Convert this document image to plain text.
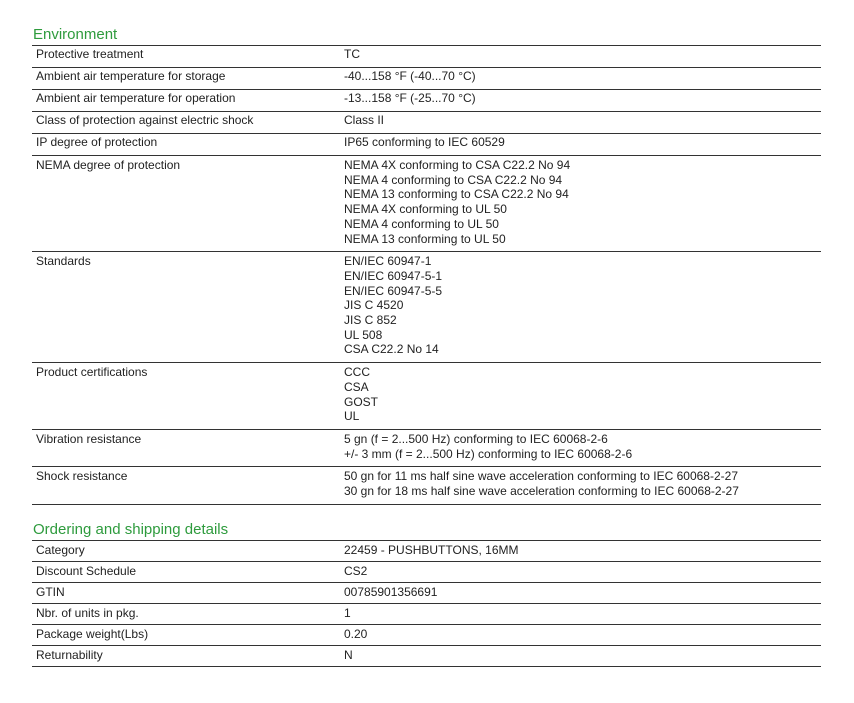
Environment
Protective treatment	TC
Ambient air temperature for storage	-40...158 °F (-40...70 °C)
Ambient air temperature for operation	-13...158 °F (-25...70 °C)
Class of protection against electric shock	Class II
IP degree of protection	IP65 conforming to IEC 60529
NEMA degree of protection	NEMA 4X conforming to CSA C22.2 No 94
NEMA 4 conforming to CSA C22.2 No 94
NEMA 13 conforming to CSA C22.2 No 94
NEMA 4X conforming to UL 50
NEMA 4 conforming to UL 50
NEMA 13 conforming to UL 50
Standards	EN/IEC 60947-1
EN/IEC 60947-5-1
EN/IEC 60947-5-5
JIS C 4520
JIS C 852
UL 508
CSA C22.2 No 14
Product certifications	CCC
CSA
GOST
UL
Vibration resistance	5 gn (f = 2...500 Hz) conforming to IEC 60068-2-6
+/- 3 mm (f = 2...500 Hz) conforming to IEC 60068-2-6
Shock resistance	50 gn for 11 ms half sine wave acceleration conforming to IEC 60068-2-27
30 gn for 18 ms half sine wave acceleration conforming to IEC 60068-2-27
Ordering and shipping details
Category	22459 - PUSHBUTTONS, 16MM
Discount Schedule	CS2
GTIN	00785901356691
Nbr. of units in pkg.	1
Package weight(Lbs)	0.20
Returnability	N
